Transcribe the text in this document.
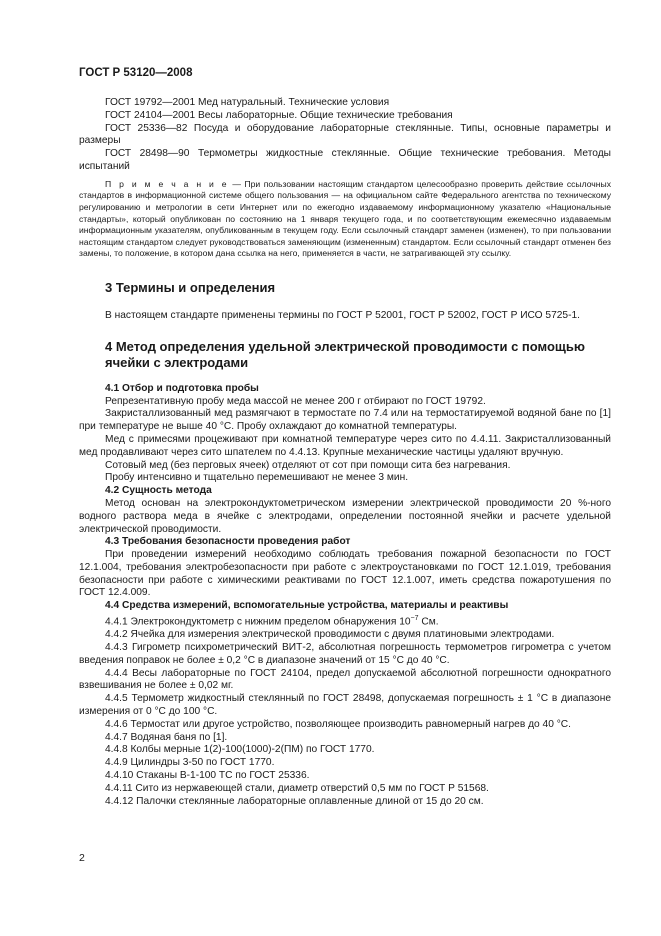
ГОСТ Р 53120—2008

ГОСТ 19792—2001 Мед натуральный. Технические условия

ГОСТ 24104—2001 Весы лабораторные. Общие технические требования

ГОСТ 25336—82 Посуда и оборудование лабораторные стеклянные. Типы, основные параметры и размеры

ГОСТ 28498—90 Термометры жидкостные стеклянные. Общие технические требования. Методы испытаний

П р и м е ч а н и е — При пользовании настоящим стандартом целесообразно проверить действие ссылочных стандартов в информационной системе общего пользования — на официальном сайте Федерального агентства по техническому регулированию и метрологии в сети Интернет или по ежегодно издаваемому информационному указателю «Национальные стандарты», который опубликован по состоянию на 1 января текущего года, и по соответствующим ежемесячно издаваемым информационным указателям, опубликованным в текущем году. Если ссылочный стандарт заменен (изменен), то при пользовании настоящим стандартом следует руководствоваться заменяющим (измененным) стандартом. Если ссылочный стандарт отменен без замены, то положение, в котором дана ссылка на него, применяется в части, не затрагивающей эту ссылку.

3 Термины и определения

В настоящем стандарте применены термины по ГОСТ Р 52001, ГОСТ Р 52002, ГОСТ Р ИСО 5725-1.

4 Метод определения удельной электрической проводимости с помощью ячейки с электродами

4.1 Отбор и подготовка пробы

Репрезентативную пробу меда массой не менее 200 г отбирают по ГОСТ 19792.

Закристаллизованный мед размягчают в термостате по 7.4 или на термостатируемой водяной бане по [1] при температуре не выше 40 °С. Пробу охлаждают до комнатной температуры.

Мед с примесями процеживают при комнатной температуре через сито по 4.4.11. Закристаллизованный мед продавливают через сито шпателем по 4.4.13. Крупные механические частицы удаляют вручную.

Сотовый мед (без перговых ячеек) отделяют от сот при помощи сита без нагревания.

Пробу интенсивно и тщательно перемешивают не менее 3 мин.

4.2 Сущность метода

Метод основан на электрокондуктометрическом измерении электрической проводимости 20 %-ного водного раствора меда в ячейке с электродами, определении постоянной ячейки и расчете удельной электрической проводимости.

4.3 Требования безопасности проведения работ

При проведении измерений необходимо соблюдать требования пожарной безопасности по ГОСТ 12.1.004, требования электробезопасности при работе с электроустановками по ГОСТ 12.1.019, требования безопасности при работе с химическими реактивами по ГОСТ 12.1.007, иметь средства пожаротушения по ГОСТ 12.4.009.

4.4 Средства измерений, вспомогательные устройства, материалы и реактивы

4.4.1 Электрокондуктометр с нижним пределом обнаружения $10^{-7}$ См.

4.4.2 Ячейка для измерения электрической проводимости с двумя платиновыми электродами.

4.4.3 Гигрометр психрометрический ВИТ-2, абсолютная погрешность термометров гигрометра с учетом введения поправок не более ± 0,2 °С в диапазоне значений от 15 °С до 40 °С.

4.4.4 Весы лабораторные по ГОСТ 24104, предел допускаемой абсолютной погрешности однократного взвешивания не более ± 0,02 мг.

4.4.5 Термометр жидкостный стеклянный по ГОСТ 28498, допускаемая погрешность ± 1 °С в диапазоне измерения от 0 °С до 100 °С.

4.4.6 Термостат или другое устройство, позволяющее производить равномерный нагрев до 40 °С.

4.4.7 Водяная баня по [1].

4.4.8 Колбы мерные 1(2)-100(1000)-2(ПМ) по ГОСТ 1770.

4.4.9 Цилиндры 3-50 по ГОСТ 1770.

4.4.10 Стаканы В-1-100 ТС по ГОСТ 25336.

4.4.11 Сито из нержавеющей стали, диаметр отверстий 0,5 мм по ГОСТ Р 51568.

4.4.12 Палочки стеклянные лабораторные оплавленные длиной от 15 до 20 см.

2
